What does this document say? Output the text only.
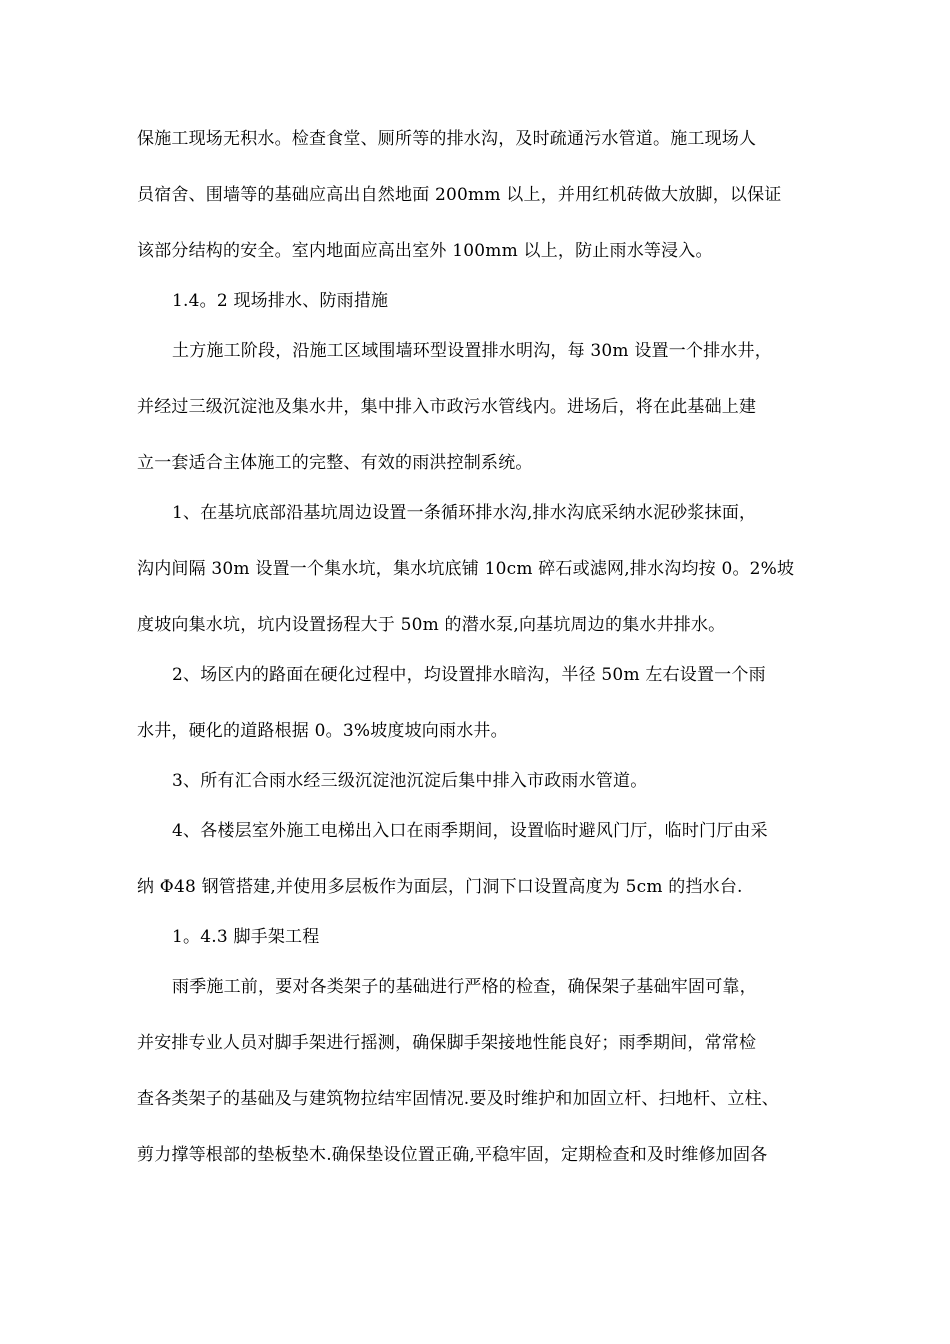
保施工现场无积水。检查食堂、厕所等的排水沟，及时疏通污水管道。施工现场人
员宿舍、围墙等的基础应高出自然地面 200mm 以上，并用红机砖做大放脚，以保证
该部分结构的安全。室内地面应高出室外 100mm 以上，防止雨水等浸入。
1.4。2 现场排水、防雨措施
土方施工阶段，沿施工区域围墙环型设置排水明沟，每 30m 设置一个排水井，
并经过三级沉淀池及集水井，集中排入市政污水管线内。进场后，将在此基础上建
立一套适合主体施工的完整、有效的雨洪控制系统。
1、在基坑底部沿基坑周边设置一条循环排水沟,排水沟底采纳水泥砂浆抹面，
沟内间隔 30m 设置一个集水坑，集水坑底铺 10cm 碎石或滤网,排水沟均按 0。2%坡
度坡向集水坑，坑内设置扬程大于 50m 的潜水泵,向基坑周边的集水井排水。
2、场区内的路面在硬化过程中，均设置排水暗沟，半径 50m 左右设置一个雨
水井，硬化的道路根据 0。3%坡度坡向雨水井。
3、所有汇合雨水经三级沉淀池沉淀后集中排入市政雨水管道。
4、各楼层室外施工电梯出入口在雨季期间，设置临时避风门厅，临时门厅由采
纳 Φ48 钢管搭建,并使用多层板作为面层，门洞下口设置高度为 5cm 的挡水台.
1。4.3 脚手架工程
雨季施工前，要对各类架子的基础进行严格的检查，确保架子基础牢固可靠，
并安排专业人员对脚手架进行摇测，确保脚手架接地性能良好；雨季期间，常常检
查各类架子的基础及与建筑物拉结牢固情况.要及时维护和加固立杆、扫地杆、立柱、
剪力撑等根部的垫板垫木.确保垫设位置正确,平稳牢固，定期检查和及时维修加固各
